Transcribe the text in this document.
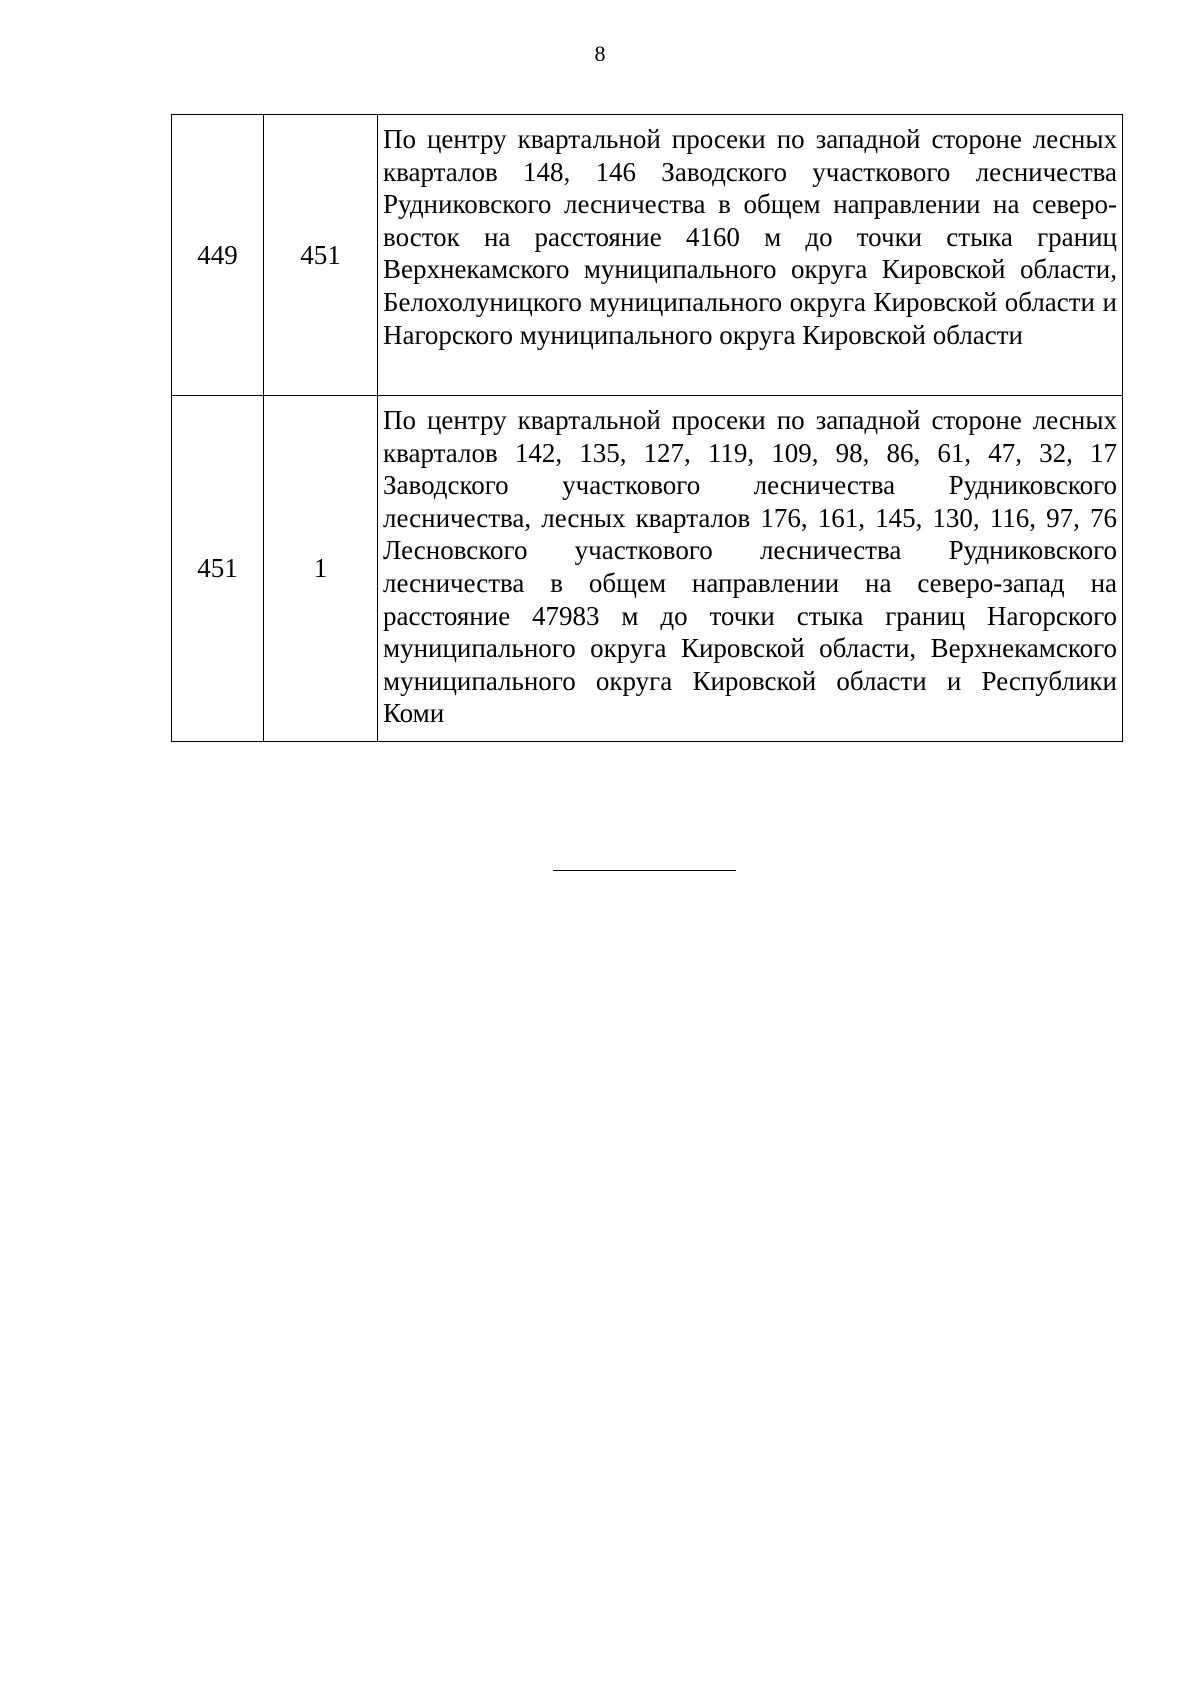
8
449	451	По центру квартальной просеки по западной стороне лесных кварталов 148, 146 Заводского участкового лесничества Рудниковского лесничества в общем направлении на северо-восток на расстояние 4160 м до точки стыка границ Верхнекамского муниципального округа Кировской области, Белохолуницкого муниципального округа Кировской области и Нагорского муниципального округа Кировской области
451	1	По центру квартальной просеки по западной стороне лесных кварталов 142, 135, 127, 119, 109, 98, 86, 61, 47, 32, 17 Заводского участкового лесничества Рудниковского лесничества, лесных кварталов 176, 161, 145, 130, 116, 97, 76 Лесновского участкового лесничества Рудниковского лесничества в общем направлении на северо-запад на расстояние 47983 м до точки стыка границ Нагорского муниципального округа Кировской области, Верхнекамского муниципального округа Кировской области и Республики Коми
